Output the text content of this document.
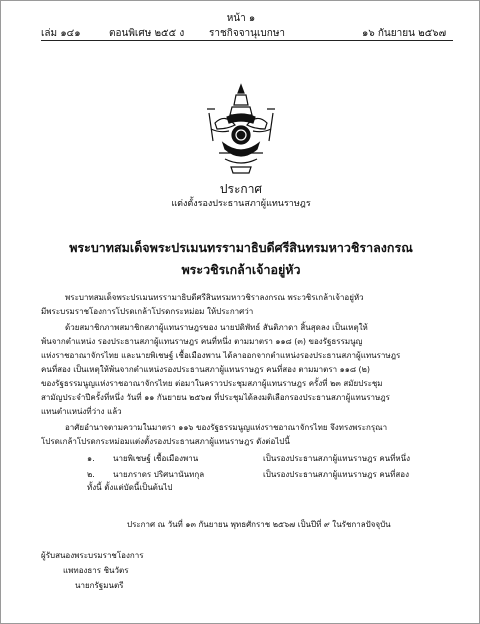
หน้า ๑
เล่ม ๑๔๑	ตอนพิเศษ ๒๕๕ ง ราชกิจจานุเบกษา	๑๖ กันยายน ๒๕๖๗
ประกาศ
แต่งตั้งรองประธานสภาผู้แทนราษฎร
พระบาทสมเด็จพระปรเมนทรรามาธิบดีศรีสินทรมหาวชิราลงกรณ
พระวชิรเกล้าเจ้าอยู่หัว
พระบาทสมเด็จพระปรเมนทรรามาธิบดีศรีสินทรมหาวชิราลงกรณ พระวชิรเกล้าเจ้าอยู่หัว
มีพระบรมราชโองการโปรดเกล้าโปรดกระหม่อม ให้ประกาศว่า
ด้วยสมาชิกภาพสมาชิกสภาผู้แทนราษฎรของ นายปดิพัทธ์ สันติภาดา สิ้นสุดลง เป็นเหตุให้
พ้นจากตำแหน่ง รองประธานสภาผู้แทนราษฎร คนที่หนึ่ง ตามมาตรา ๑๑๘ (๓) ของรัฐธรรมนูญ
แห่งราชอาณาจักรไทย และนายพิเชษฐ์ เชื้อเมืองพาน ได้ลาออกจากตำแหน่งรองประธานสภาผู้แทนราษฎร
คนที่สอง เป็นเหตุให้พ้นจากตำแหน่งรองประธานสภาผู้แทนราษฎร คนที่สอง ตามมาตรา ๑๑๘ (๒)
ของรัฐธรรมนูญแห่งราชอาณาจักรไทย ต่อมาในคราวประชุมสภาผู้แทนราษฎร ครั้งที่ ๒๓ สมัยประชุม
สามัญประจำปีครั้งที่หนึ่ง วันที่ ๑๑ กันยายน ๒๕๖๗ ที่ประชุมได้ลงมติเลือกรองประธานสภาผู้แทนราษฎร
แทนตำแหน่งที่ว่าง แล้ว
อาศัยอำนาจตามความในมาตรา ๑๑๖ ของรัฐธรรมนูญแห่งราชอาณาจักรไทย จึงทรงพระกรุณา
โปรดเกล้าโปรดกระหม่อมแต่งตั้งรองประธานสภาผู้แทนราษฎร ดังต่อไปนี้
๑. นายพิเชษฐ์ เชื้อเมืองพาน	เป็นรองประธานสภาผู้แทนราษฎร คนที่หนึ่ง
๒. นายภราดร ปริศนานันทกุล	เป็นรองประธานสภาผู้แทนราษฎร คนที่สอง
ทั้งนี้ ตั้งแต่บัดนี้เป็นต้นไป
ประกาศ ณ วันที่ ๑๓ กันยายน พุทธศักราช ๒๕๖๗ เป็นปีที่ ๙ ในรัชกาลปัจจุบัน
ผู้รับสนองพระบรมราชโองการ
แพทองธาร ชินวัตร
นายกรัฐมนตรี
